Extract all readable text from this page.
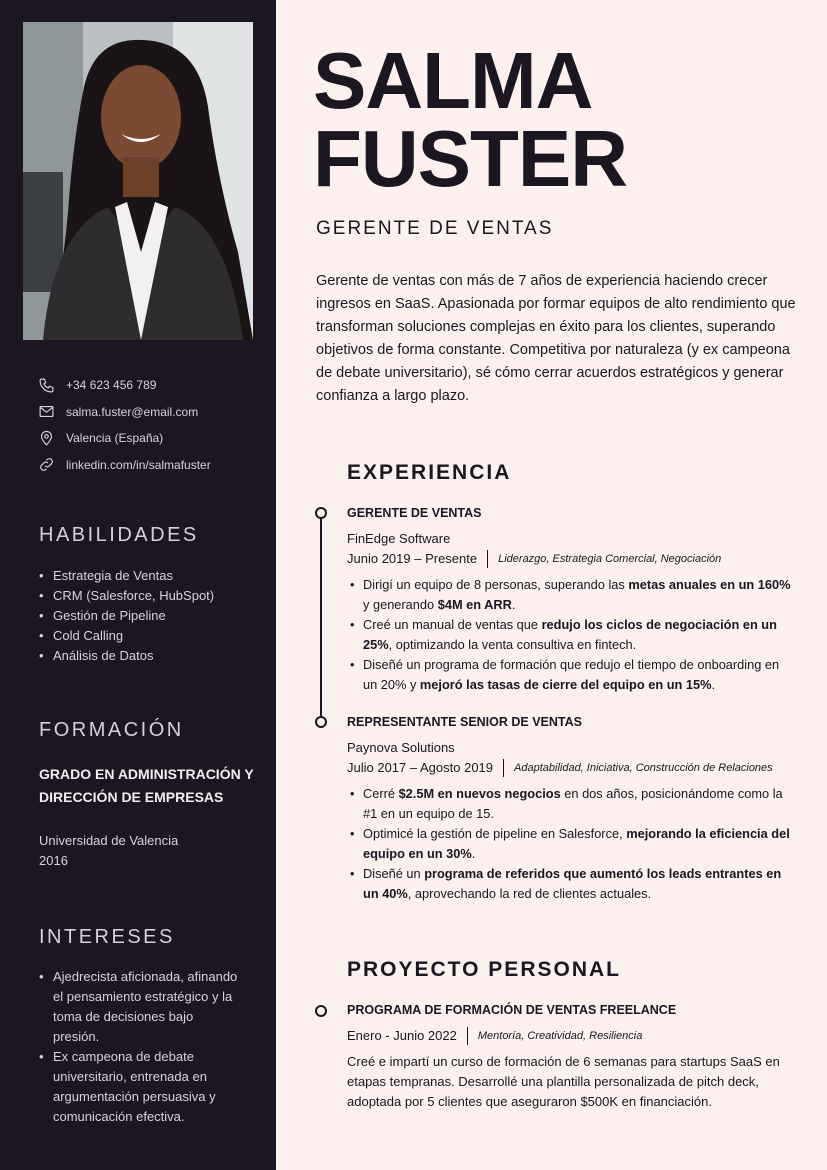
+34 623 456 789
salma.fuster@email.com
Valencia (España)
linkedin.com/in/salmafuster
HABILIDADES
• Estrategia de Ventas
• CRM (Salesforce, HubSpot)
• Gestión de Pipeline
• Cold Calling
• Análisis de Datos
FORMACIÓN
GRADO EN ADMINISTRACIÓN Y DIRECCIÓN DE EMPRESAS
Universidad de Valencia
2016
INTERESES
• Ajedrecista aficionada, afinando el pensamiento estratégico y la toma de decisiones bajo presión.
• Ex campeona de debate universitario, entrenada en argumentación persuasiva y comunicación efectiva.
SALMA
FUSTER
GERENTE DE VENTAS

Gerente de ventas con más de 7 años de experiencia haciendo crecer ingresos en SaaS. Apasionada por formar equipos de alto rendimiento que transforman soluciones complejas en éxito para los clientes, superando objetivos de forma constante. Competitiva por naturaleza (y ex campeona de debate universitario), sé cómo cerrar acuerdos estratégicos y generar confianza a largo plazo.

EXPERIENCIA
GERENTE DE VENTAS
FinEdge Software
Junio 2019 – Presente Liderazgo, Estrategia Comercial, Negociación
• Dirigí un equipo de 8 personas, superando las metas anuales en un 160% y generando $4M en ARR.
• Creé un manual de ventas que redujo los ciclos de negociación en un 25%, optimizando la venta consultiva en fintech.
• Diseñé un programa de formación que redujo el tiempo de onboarding en un 20% y mejoró las tasas de cierre del equipo en un 15%.
REPRESENTANTE SENIOR DE VENTAS
Paynova Solutions
Julio 2017 – Agosto 2019 Adaptabilidad, Iniciativa, Construcción de Relaciones
• Cerré $2.5M en nuevos negocios en dos años, posicionándome como la #1 en un equipo de 15.
• Optimicé la gestión de pipeline en Salesforce, mejorando la eficiencia del equipo en un 30%.
• Diseñé un programa de referidos que aumentó los leads entrantes en un 40%, aprovechando la red de clientes actuales.
PROYECTO PERSONAL
PROGRAMA DE FORMACIÓN DE VENTAS FREELANCE
Enero - Junio 2022 Mentoría, Creatividad, Resiliencia

Creé e impartí un curso de formación de 6 semanas para startups SaaS en etapas tempranas. Desarrollé una plantilla personalizada de pitch deck, adoptada por 5 clientes que aseguraron $500K en financiación.
